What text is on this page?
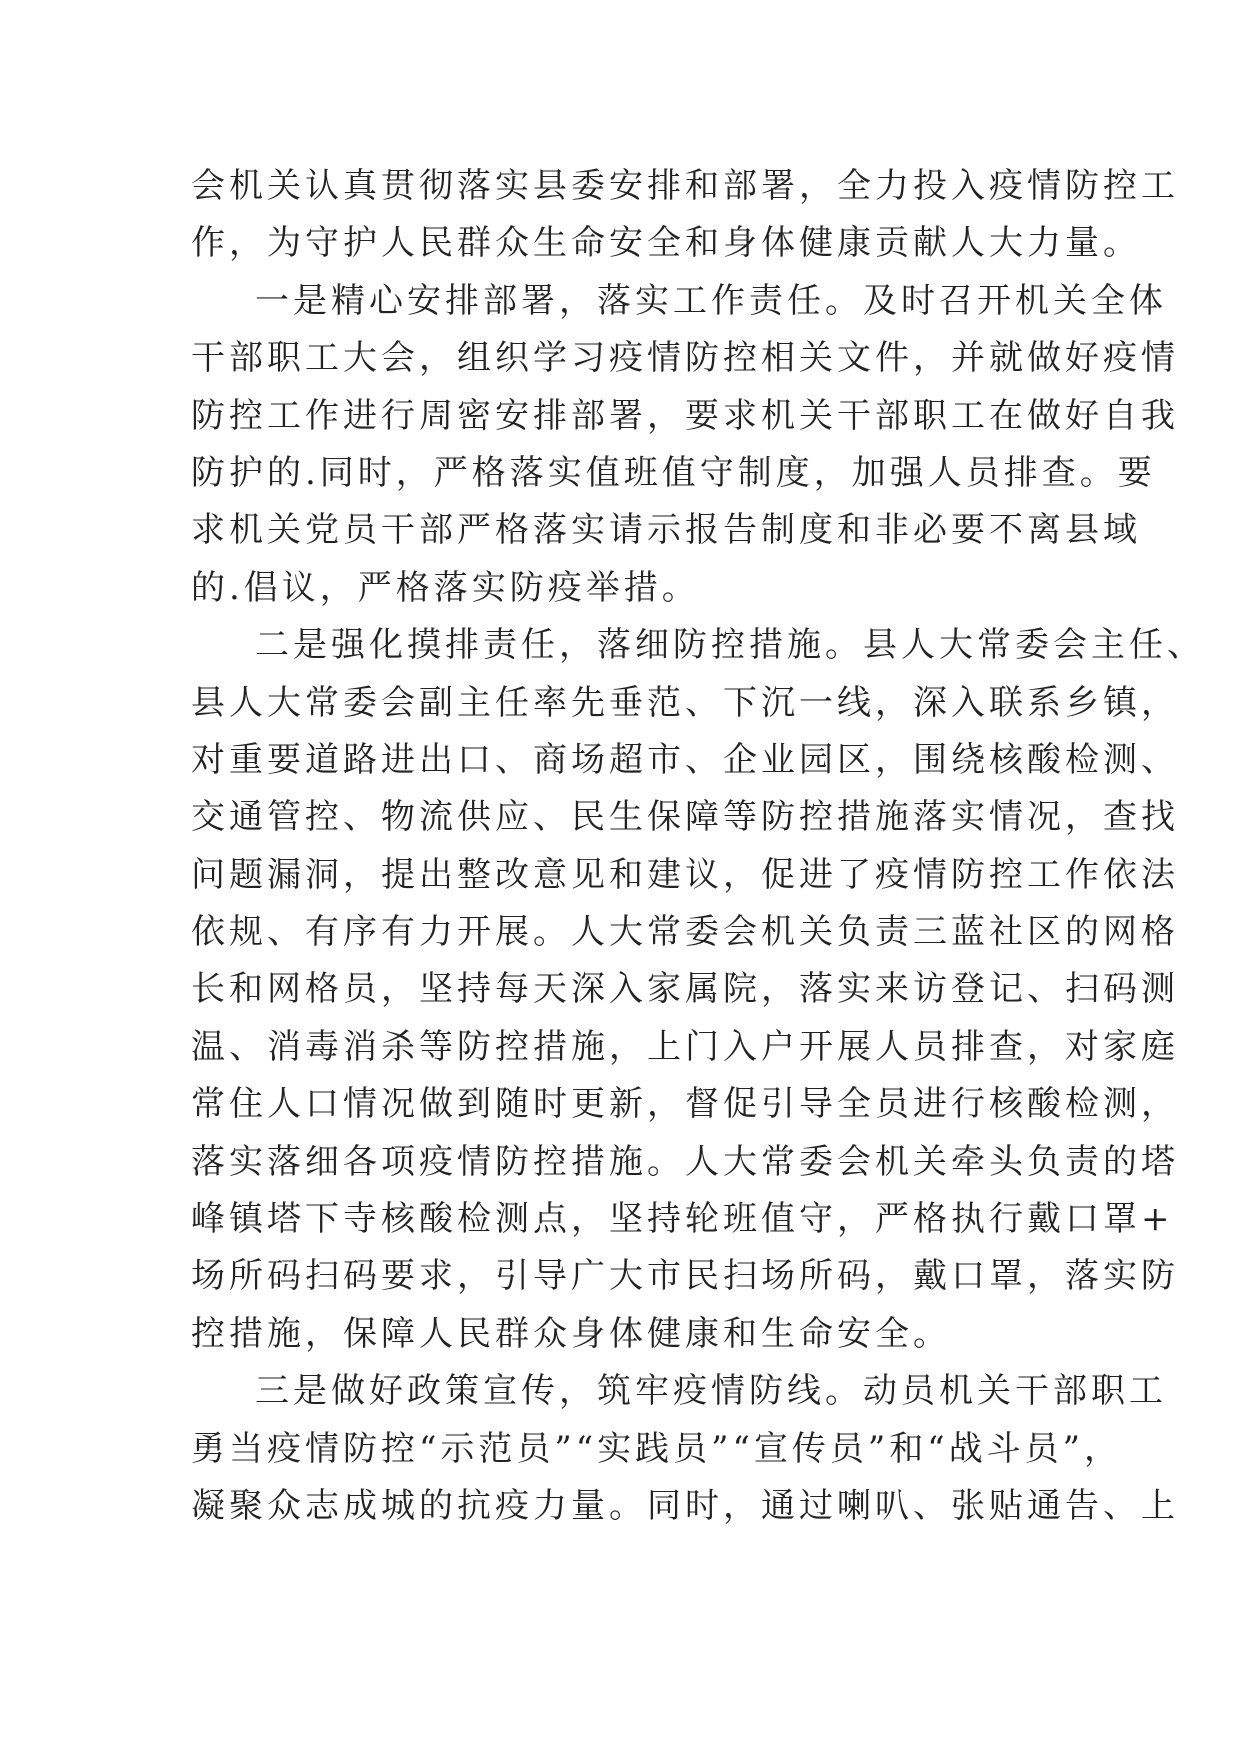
会机关认真贯彻落实县委安排和部署，全力投入疫情防控工
作，为守护人民群众生命安全和身体健康贡献人大力量。
一是精心安排部署，落实工作责任。及时召开机关全体
干部职工大会，组织学习疫情防控相关文件，并就做好疫情
防控工作进行周密安排部署，要求机关干部职工在做好自我
防护的.同时，严格落实值班值守制度，加强人员排查。要
求机关党员干部严格落实请示报告制度和非必要不离县域
的.倡议，严格落实防疫举措。
二是强化摸排责任，落细防控措施。县人大常委会主任、
县人大常委会副主任率先垂范、下沉一线，深入联系乡镇，
对重要道路进出口、商场超市、企业园区，围绕核酸检测、
交通管控、物流供应、民生保障等防控措施落实情况，查找
问题漏洞，提出整改意见和建议，促进了疫情防控工作依法
依规、有序有力开展。人大常委会机关负责三蓝社区的网格
长和网格员，坚持每天深入家属院，落实来访登记、扫码测
温、消毒消杀等防控措施，上门入户开展人员排查，对家庭
常住人口情况做到随时更新，督促引导全员进行核酸检测，
落实落细各项疫情防控措施。人大常委会机关牵头负责的塔
峰镇塔下寺核酸检测点，坚持轮班值守，严格执行戴口罩+
场所码扫码要求，引导广大市民扫场所码，戴口罩，落实防
控措施，保障人民群众身体健康和生命安全。
三是做好政策宣传，筑牢疫情防线。动员机关干部职工
勇当疫情防控“示范员”“实践员”“宣传员”和“战斗员”，
凝聚众志成城的抗疫力量。同时，通过喇叭、张贴通告、上
